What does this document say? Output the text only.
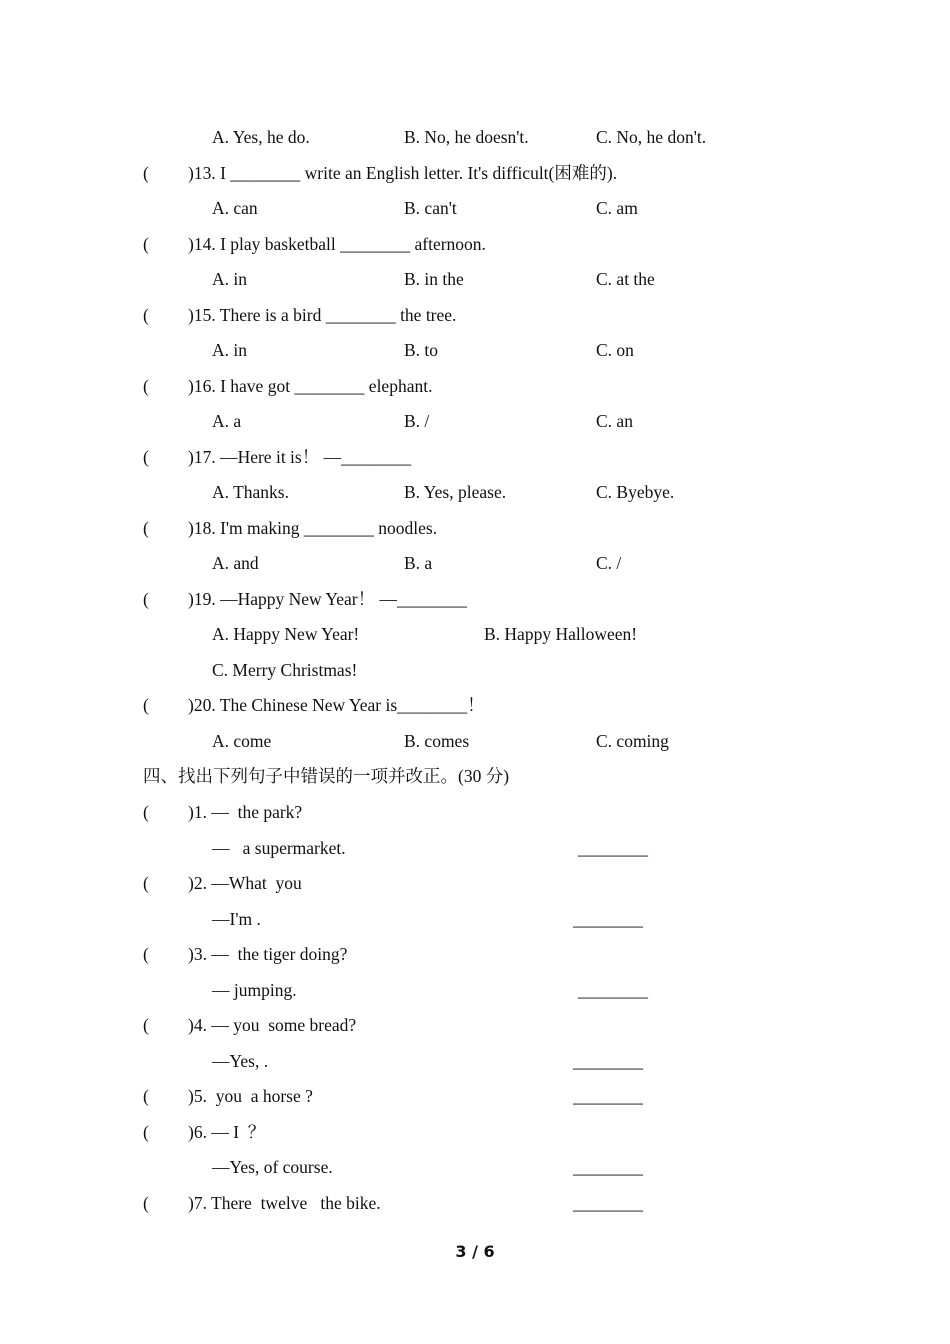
A. Yes, he do.	B. No, he doesn't.	C. No, he don't.
( )13. I ________ write an English letter. It's difficult(困难的).
A. can	B. can't	C. am
( )14. I play basketball ________ afternoon.
A. in	B. in the	C. at the
( )15. There is a bird ________ the tree.
A. in	B. to	C. on
( )16. I have got ________ elephant.
A. a	B. /	C. an
( )17. —Here it is！ —________
A. Thanks.	B. Yes, please.	C. Byebye.
( )18. I'm making ________ noodles.
A. and	B. a	C. /
( )19. —Happy New Year！ —________
A. Happy New Year!	B. Happy Halloween!
C. Merry Christmas!
( )20. The Chinese New Year is________！
A. come	B. comes	C. coming
四、找出下列句子中错误的一项并改正。(30 分)
( )1. —  the park?
—   a supermarket.	________
( )2. —What  you
—I'm .	________
( )3. —  the tiger doing?
— jumping.	________
( )4. — you  some bread?
—Yes, .	________
( )5.  you  a horse ?	________
( )6. — I  ？
—Yes, of course.	________
( )7. There  twelve   the bike.	________
3 / 6
